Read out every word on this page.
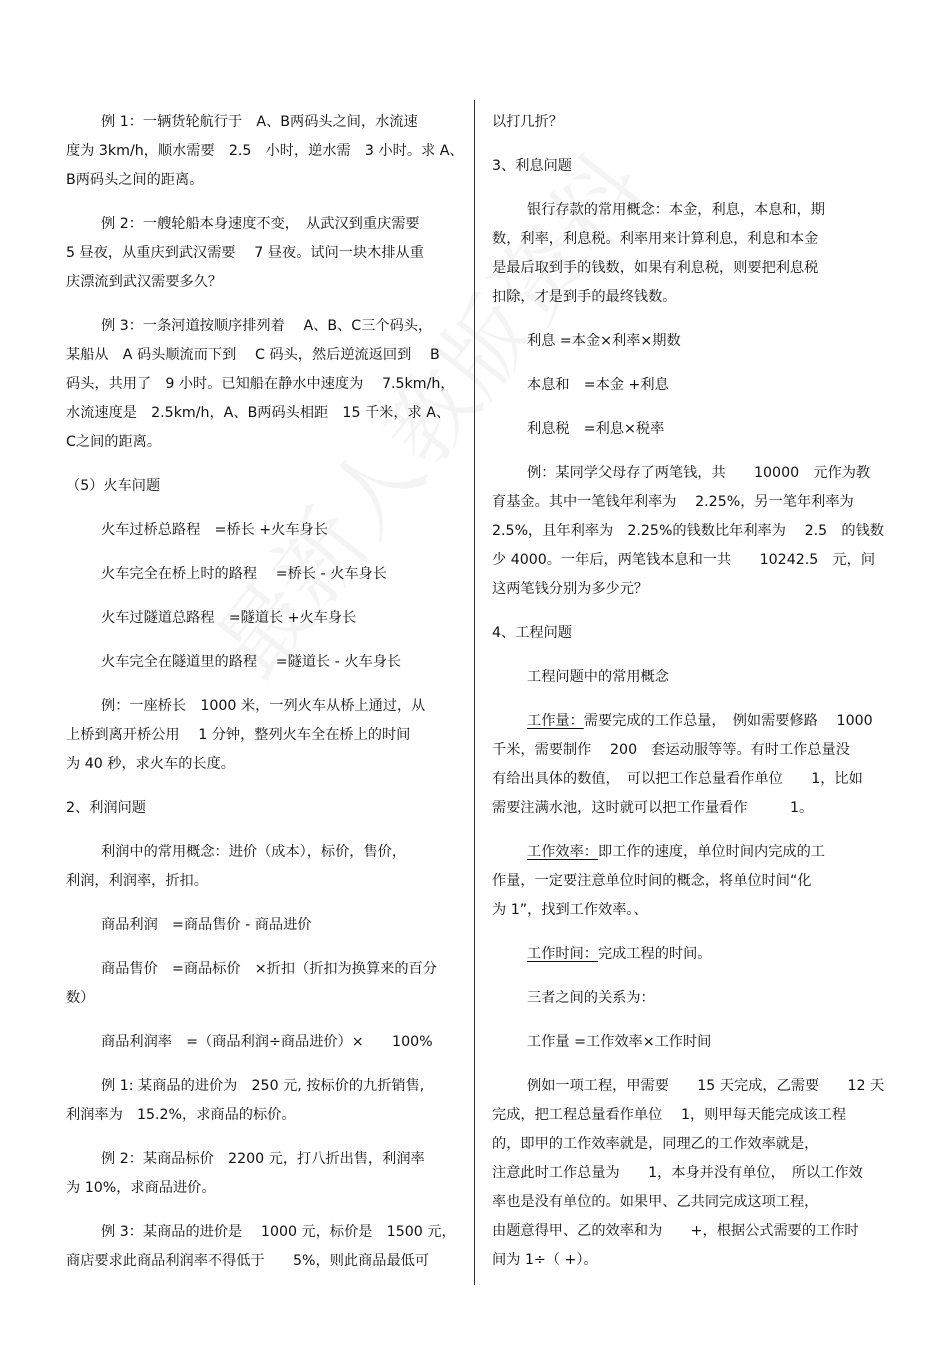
例 1：一辆货轮航行于　A、B两码头之间，水流速

度为 3km/h，顺水需要　2.5　小时，逆水需　3 小时。求 A、

B两码头之间的距离。

例 2：一艘轮船本身速度不变，　从武汉到重庆需要

5 昼夜，从重庆到武汉需要　 7 昼夜。试问一块木排从重

庆漂流到武汉需要多久？

例 3：一条河道按顺序排列着　 A、B、C三个码头，

某船从　A 码头顺流而下到　 C 码头，然后逆流返回到　 B

码头，共用了　9 小时。已知船在静水中速度为　 7.5km/h，

水流速度是　2.5km/h，A、B两码头相距　15 千米，求 A、

C之间的距离。

（5）火车问题

火车过桥总路程　=桥长 +火车身长

火车完全在桥上时的路程　 =桥长 - 火车身长

火车过隧道总路程　=隧道长 +火车身长

火车完全在隧道里的路程　 =隧道长 - 火车身长

例：一座桥长　1000 米，一列火车从桥上通过，从

上桥到离开桥公用　 1 分钟，整列火车全在桥上的时间

为 40 秒，求火车的长度。

2、利润问题

利润中的常用概念：进价（成本），标价，售价，

利润，利润率，折扣。

商品利润　=商品售价 - 商品进价

商品售价　=商品标价　×折扣（折扣为换算来的百分

数）

商品利润率　=（商品利润÷商品进价）×　　100%

例 1: 某商品的进价为　250 元, 按标价的九折销售,

利润率为　15.2%，求商品的标价。

例 2：某商品标价　2200 元，打八折出售，利润率

为 10%，求商品进价。

例 3：某商品的进价是　 1000 元，标价是　1500 元，

商店要求此商品利润率不得低于　　5%，则此商品最低可

以打几折？

3、利息问题

银行存款的常用概念：本金，利息，本息和，期

数，利率，利息税。利率用来计算利息，利息和本金

是最后取到手的钱数，如果有利息税，则要把利息税

扣除，才是到手的最终钱数。

利息 =本金×利率×期数

本息和　=本金 +利息

利息税　=利息×税率

例：某同学父母存了两笔钱，共　　10000　元作为教

育基金。其中一笔钱年利率为　 2.25%，另一笔年利率为

2.5%，且年利率为　2.25%的钱数比年利率为　 2.5　的钱数

少 4000。一年后，两笔钱本息和一共　　10242.5　元，问

这两笔钱分别为多少元？

4、工程问题

工程问题中的常用概念

工作量：需要完成的工作总量，　例如需要修路　 1000

千米，需要制作　 200　套运动服等等。有时工作总量没

有给出具体的数值，　可以把工作总量看作单位　　1，比如

需要注满水池，这时就可以把工作量看作　　　1。

工作效率：即工作的速度，单位时间内完成的工

作量，一定要注意单位时间的概念，将单位时间“化

为 1”，找到工作效率。、

工作时间：完成工程的时间。

三者之间的关系为：

工作量 =工作效率×工作时间

例如一项工程，甲需要　　15 天完成，乙需要　　12 天

完成，把工程总量看作单位　 1，则甲每天能完成该工程

的，即甲的工作效率就是，同理乙的工作效率就是，

注意此时工作总量为　　1，本身并没有单位，　所以工作效

率也是没有单位的。如果甲、乙共同完成这项工程，

由题意得甲、乙的效率和为　　+，根据公式需要的工作时

间为 1÷（ +）。
